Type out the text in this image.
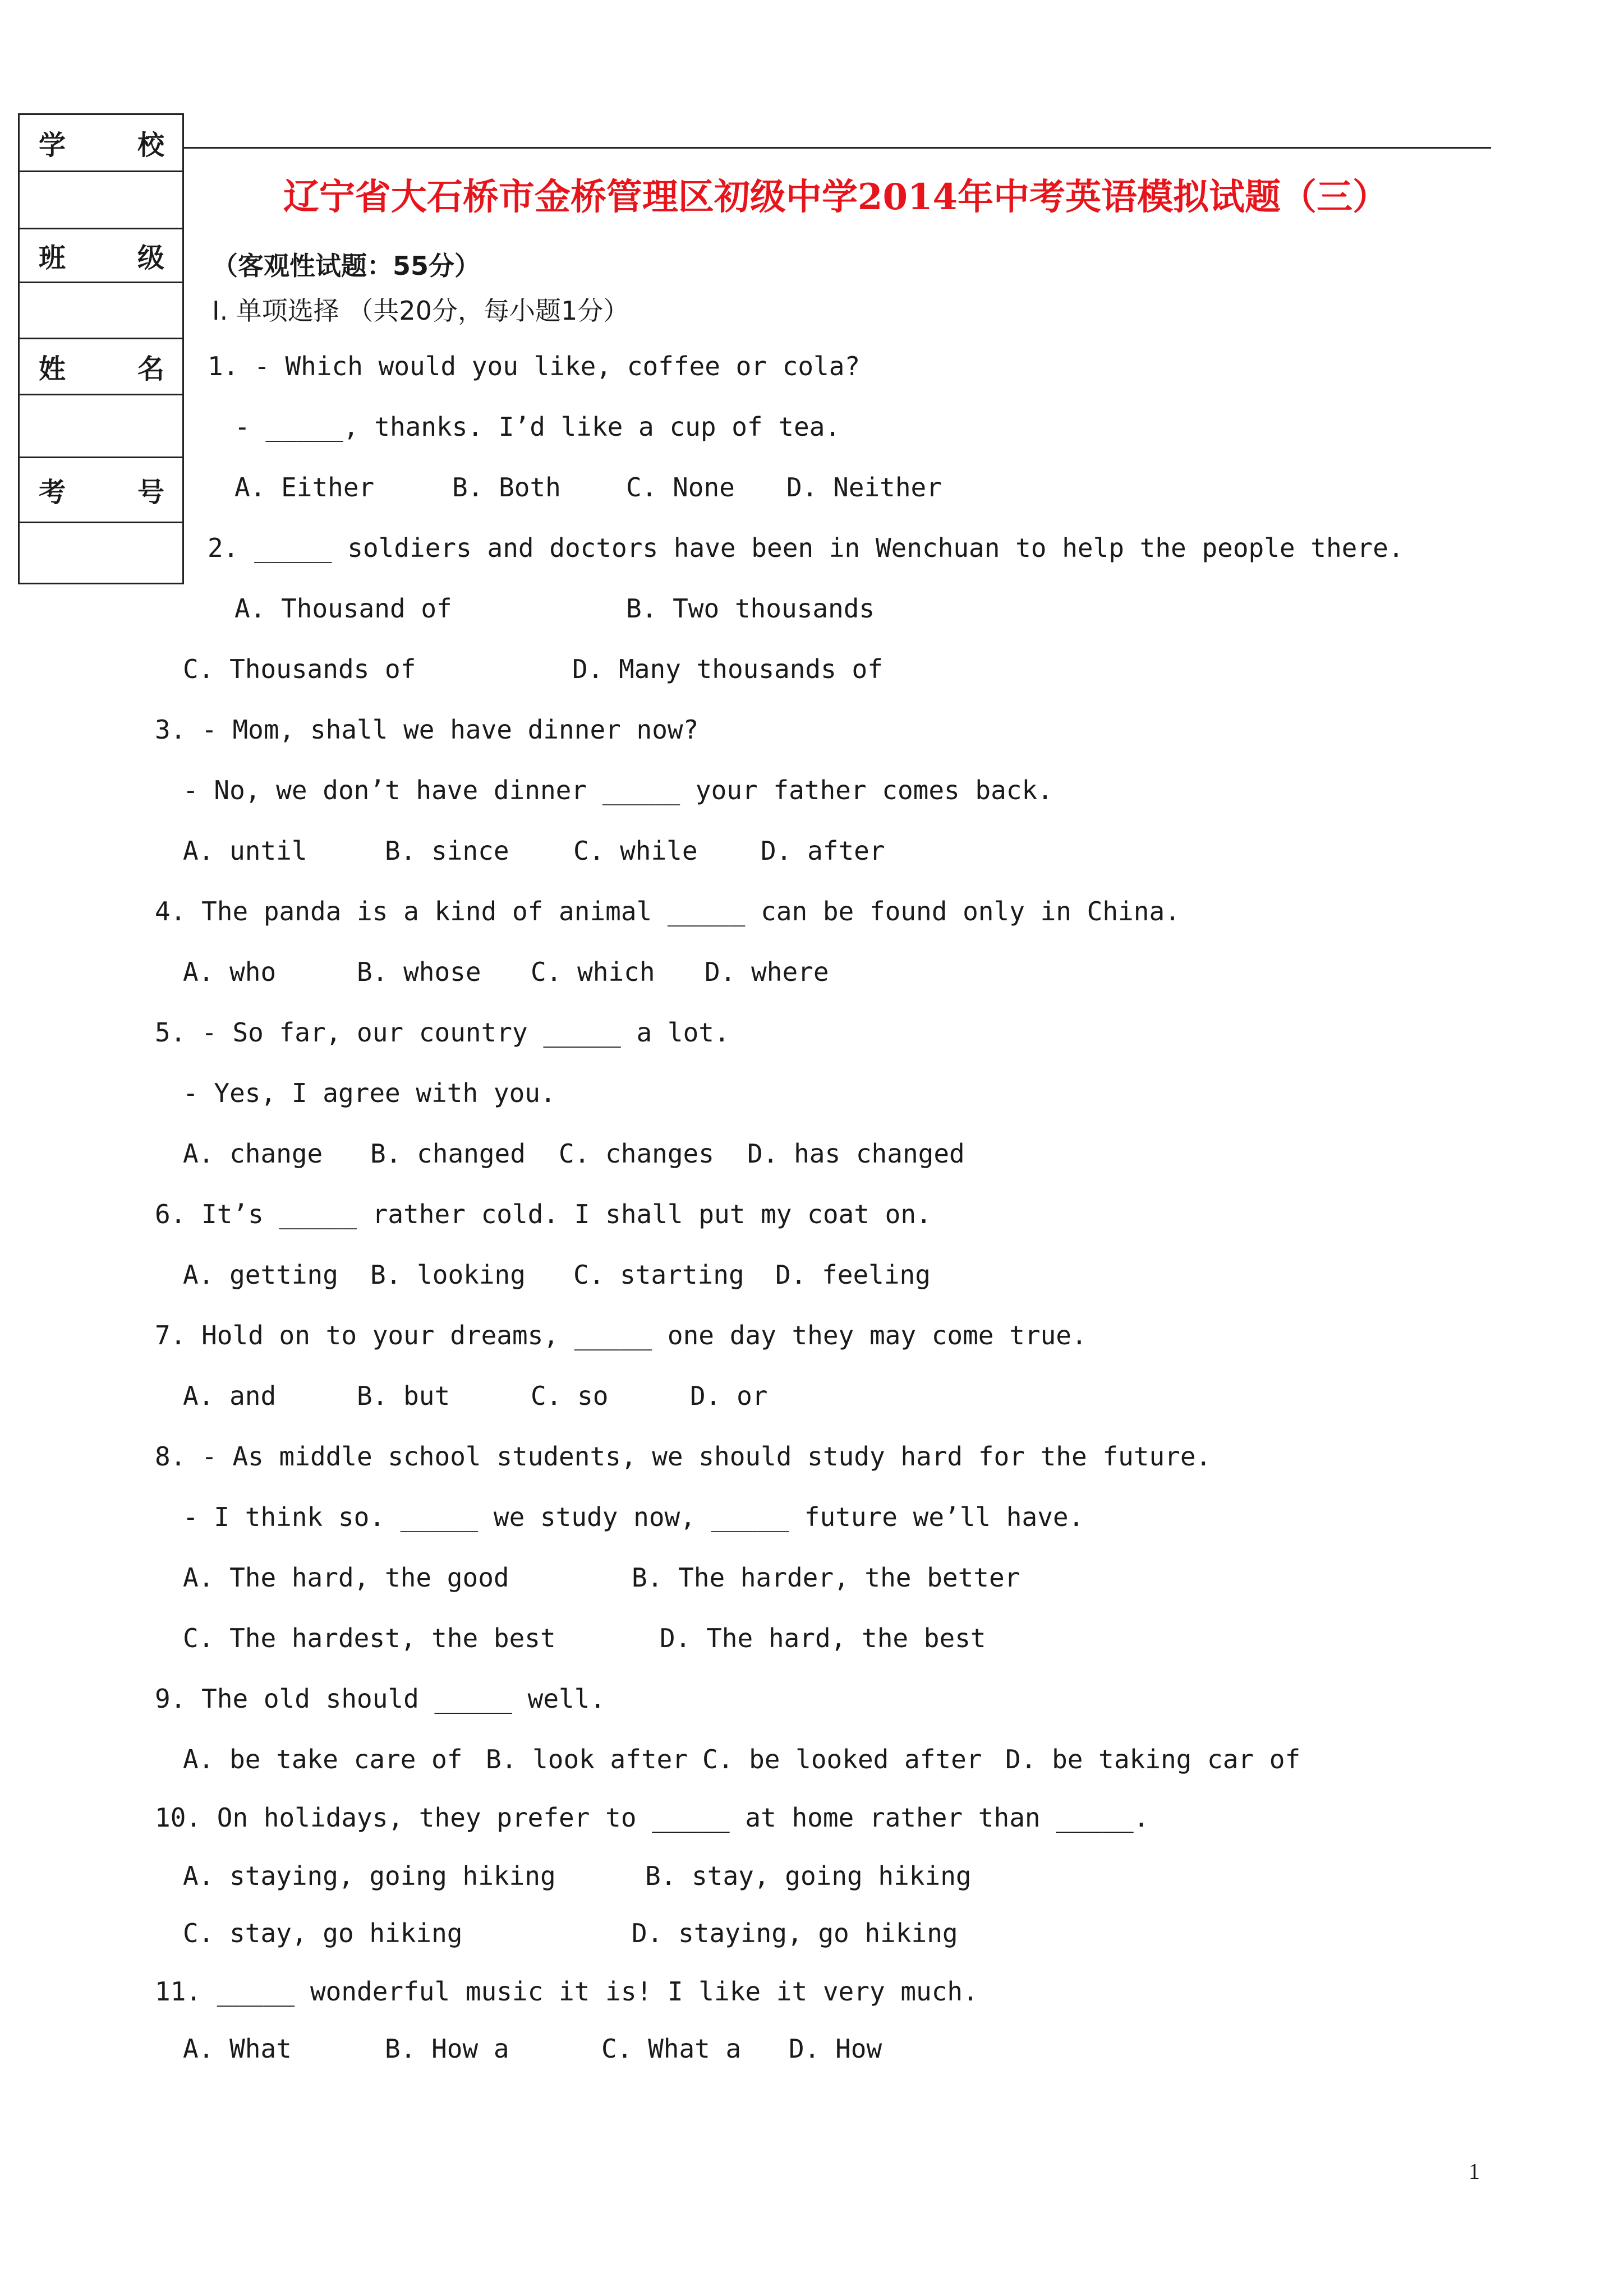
学	校
班	级
姓	名
考	号
辽宁省大石桥市金桥管理区初级中学2014年中考英语模拟试题（三）
（客观性试题：55分）
Ⅰ. 单项选择 （共20分，每小题1分）
1. - Which would you like, coffee or cola?
- _____, thanks. I’d like a cup of tea.
A. Either	B. Both	C. None D. Neither
2. _____ soldiers and doctors have been in Wenchuan to help the people there.
A. Thousand of	B. Two thousands
C. Thousands of	D. Many thousands of
3. - Mom, shall we have dinner now?
- No, we don’t have dinner _____ your father comes back.
A. until	B. since C. while D. after
4. The panda is a kind of animal _____ can be found only in China.
A. who	B. whose C. which D. where
5. - So far, our country _____ a lot.
- Yes, I agree with you.
A. change B. changed C. changes D. has changed
6. It’s _____ rather cold. I shall put my coat on.
A. getting B. looking C. starting D. feeling
7. Hold on to your dreams, _____ one day they may come true.
A. and	B. but	C. so	D. or
8. - As middle school students, we should study hard for the future.
- I think so. _____ we study now, _____ future we’ll have.
A. The hard, the good	B. The harder, the better
C. The hardest, the best	D. The hard, the best
9. The old should _____ well.
A. be take care of B. look after C. be looked after D. be taking car of
10. On holidays, they prefer to _____ at home rather than _____.
A. staying, going hiking	B. stay, going hiking
C. stay, go hiking	D. staying, go hiking
11. _____ wonderful music it is! I like it very much.
A. What	B. How a	C. What a D. How
1
